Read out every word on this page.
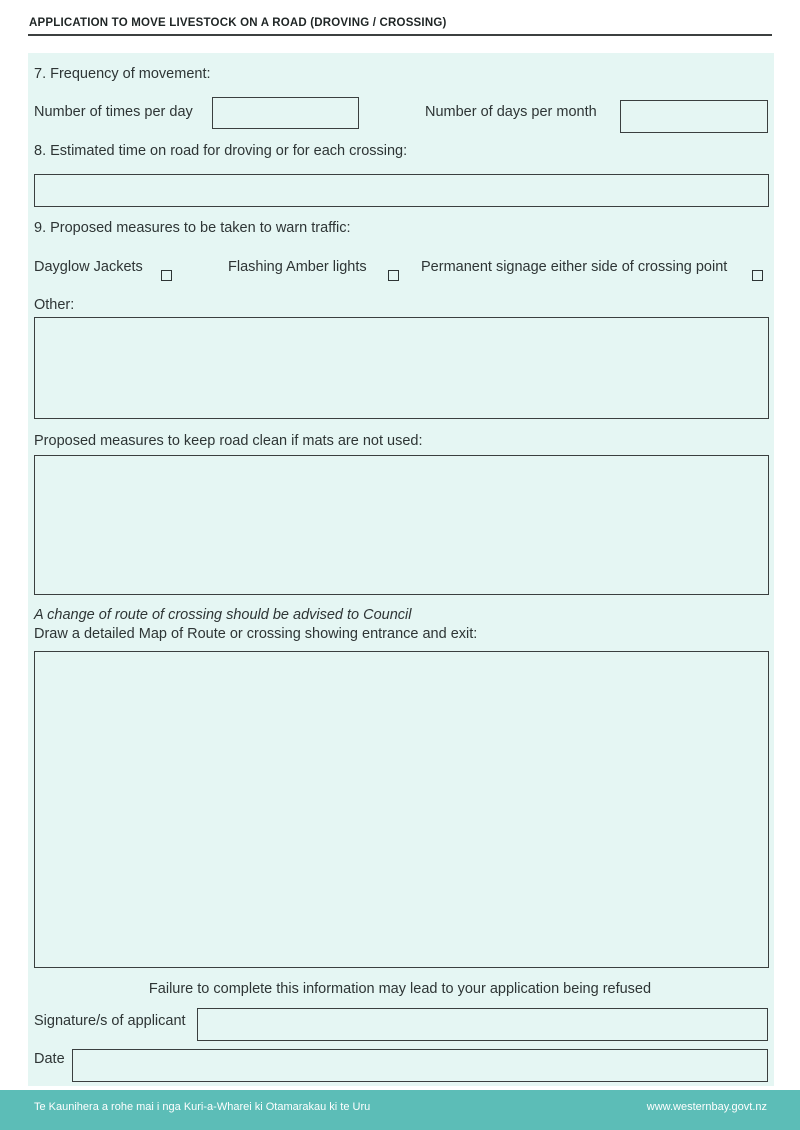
APPLICATION TO MOVE LIVESTOCK ON A ROAD (DROVING / CROSSING)
7. Frequency of movement:
Number of times per day	Number of days per month
8. Estimated time on road for droving or for each crossing:
9. Proposed measures to be taken to warn traffic:
Dayglow Jackets	Flashing Amber lights	Permanent signage either side of crossing point
Other:
Proposed measures to keep road clean if mats are not used:
A change of route of crossing should be advised to Council
Draw a detailed Map of Route or crossing showing entrance and exit:
Failure to complete this information may lead to your application being refused
Signature/s of applicant
Date
Te Kaunihera a rohe mai i nga Kuri-a-Wharei ki Otamarakau ki te Uru	www.westernbay.govt.nz
